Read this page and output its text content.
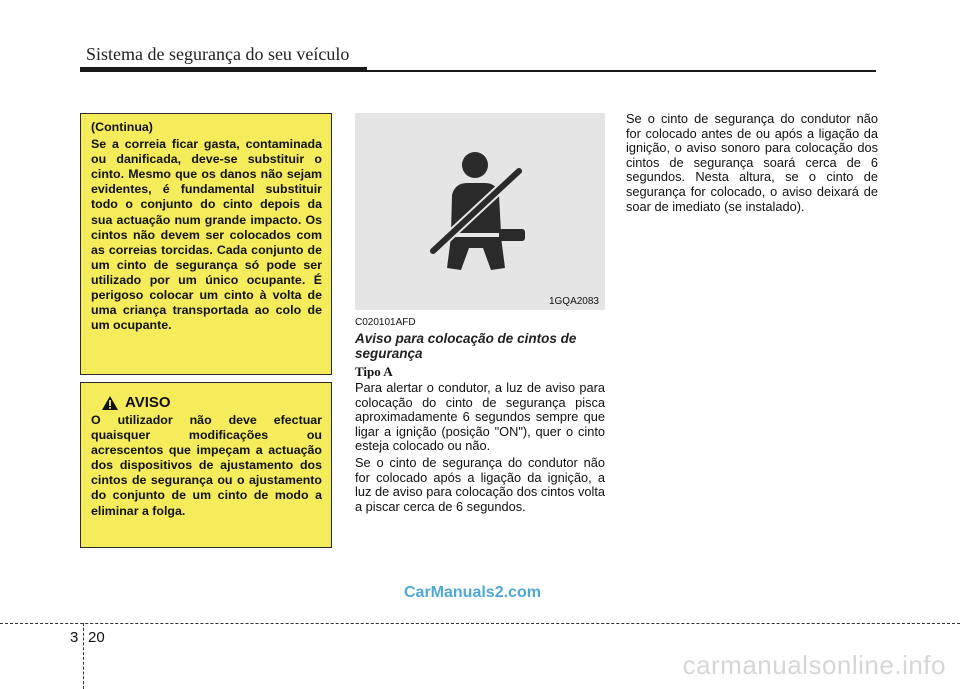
Sistema de segurança do seu veículo
(Continua)
Se a correia ficar gasta, contaminada ou danificada, deve-se substituir o cinto. Mesmo que os danos não sejam evidentes, é fundamental substituir todo o conjunto do cinto depois da sua actuação num grande impacto. Os cintos não devem ser colocados com as correias torcidas. Cada conjunto de um cinto de segurança só pode ser utilizado por um único ocupante. É perigoso colocar um cinto à volta de uma criança transportada ao colo de um ocupante.
AVISO
O utilizador não deve efectuar quaisquer modificações ou acrescentos que impeçam a actuação dos dispositivos de ajustamento dos cintos de segurança ou o ajustamento do conjunto de um cinto de modo a eliminar a folga.
1GQA2083
C020101AFD
Aviso para colocação de cintos de segurança
Tipo A

Para alertar o condutor, a luz de aviso para colocação do cinto de segurança pisca aproximadamente 6 segundos sempre que ligar a ignição (posição "ON"), quer o cinto esteja colocado ou não.

Se o cinto de segurança do condutor não for colocado após a ligação da ignição, a luz de aviso para colocação dos cintos volta a piscar cerca de 6 segundos.

Se o cinto de segurança do condutor não for colocado antes de ou após a ligação da ignição, o aviso sonoro para colocação dos cintos de segurança soará cerca de 6 segundos. Nesta altura, se o cinto de segurança for colocado, o aviso deixará de soar de imediato (se instalado).

CarManuals2.com
3 20
carmanualsonline.info
